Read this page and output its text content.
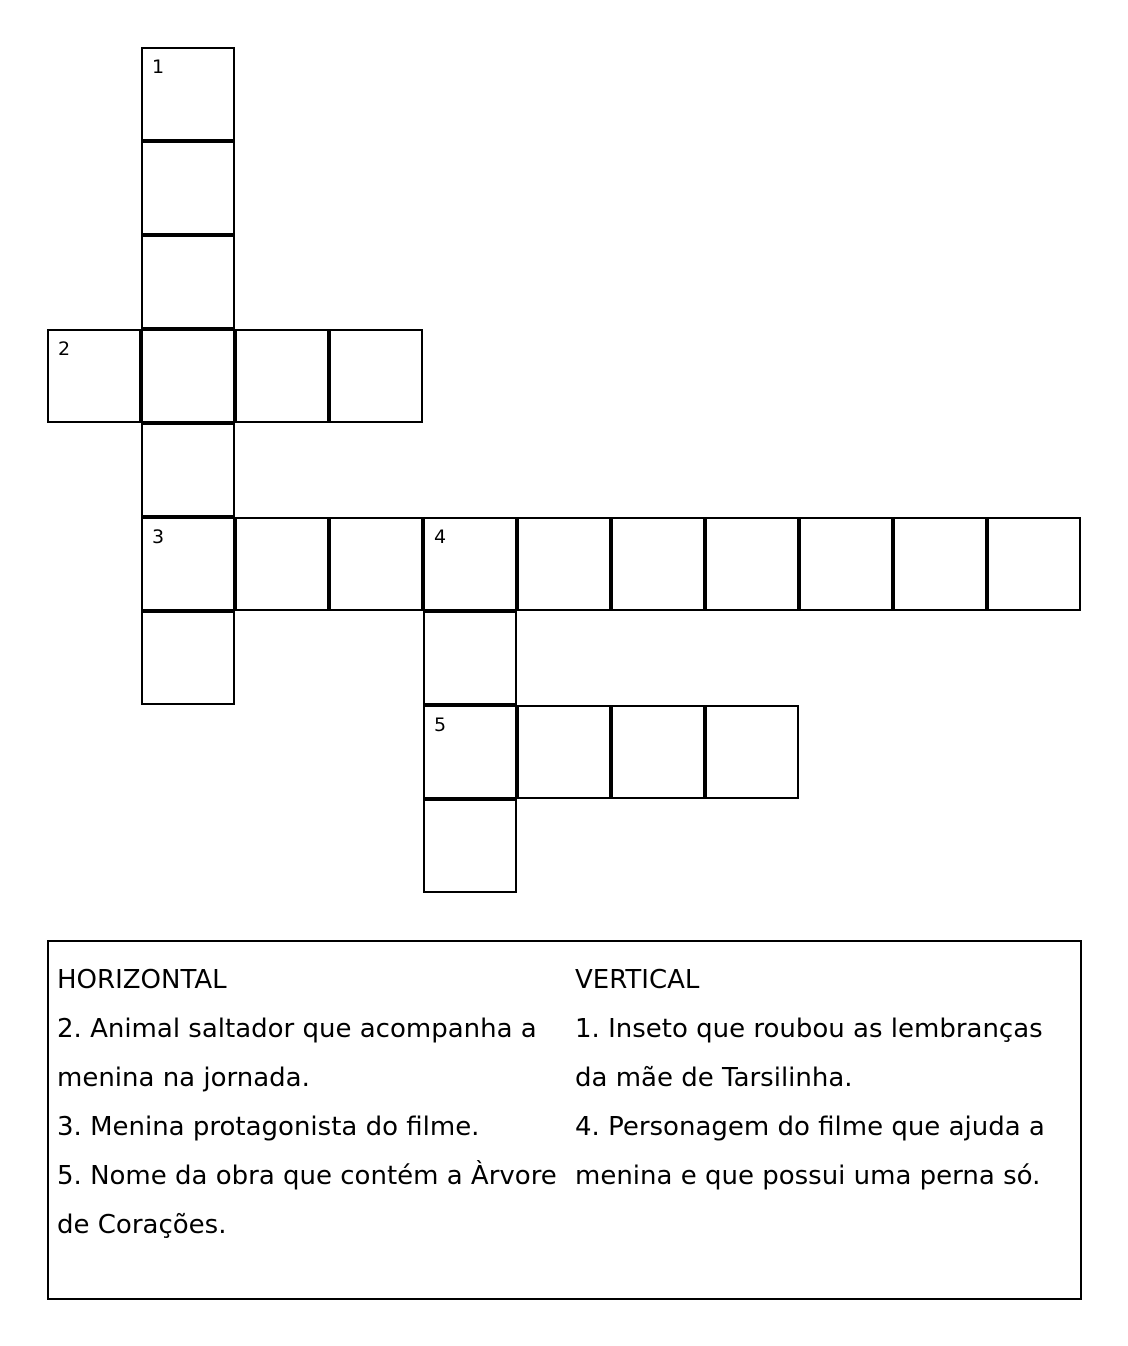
1
2
3	4
5
HORIZONTAL
2. Animal saltador que acompanha a menina na jornada.
3. Menina protagonista do filme.
5. Nome da obra que contém a Àrvore de Corações.
VERTICAL
1. Inseto que roubou as lembranças da mãe de Tarsilinha.
4. Personagem do filme que ajuda a menina e que possui uma perna só.
